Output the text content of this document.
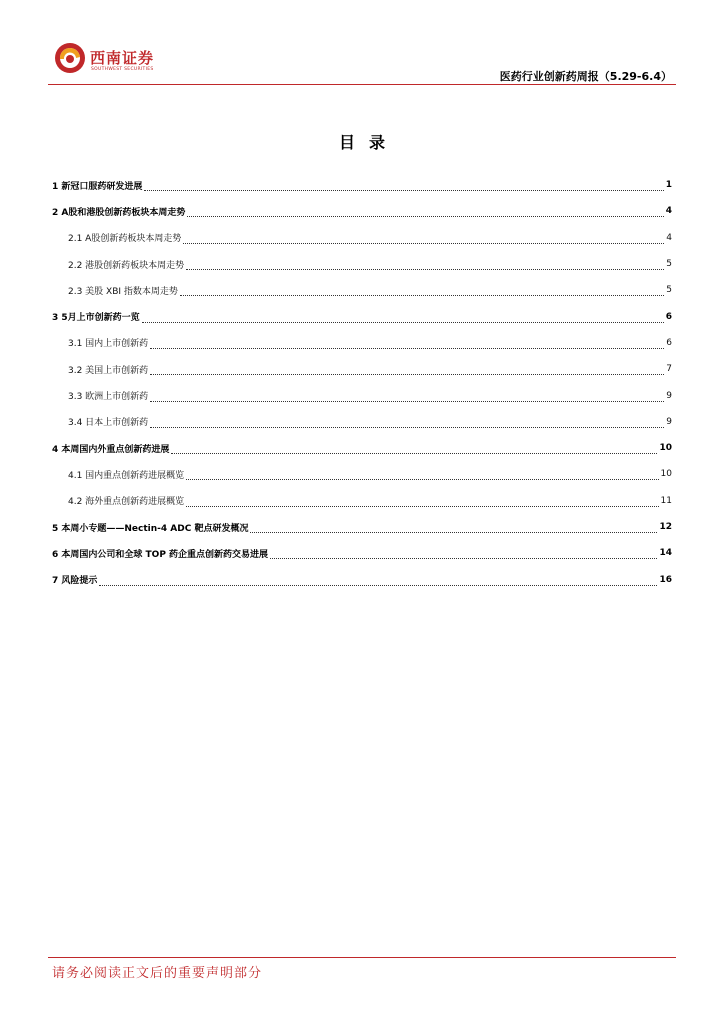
西南证券
SOUTHWEST SECURITIES
医药行业创新药周报（5.29-6.4）
目录
1 新冠口服药研发进展	1
2 A股和港股创新药板块本周走势	4
2.1 A股创新药板块本周走势	4
2.2 港股创新药板块本周走势	5
2.3 美股 XBI 指数本周走势	5
3 5月上市创新药一览	6
3.1 国内上市创新药	6
3.2 美国上市创新药	7
3.3 欧洲上市创新药	9
3.4 日本上市创新药	9
4 本周国内外重点创新药进展	10
4.1 国内重点创新药进展概览	10
4.2 海外重点创新药进展概览	11
5 本周小专题——Nectin-4 ADC 靶点研发概况	12
6 本周国内公司和全球 TOP 药企重点创新药交易进展	14
7 风险提示	16
请务必阅读正文后的重要声明部分
